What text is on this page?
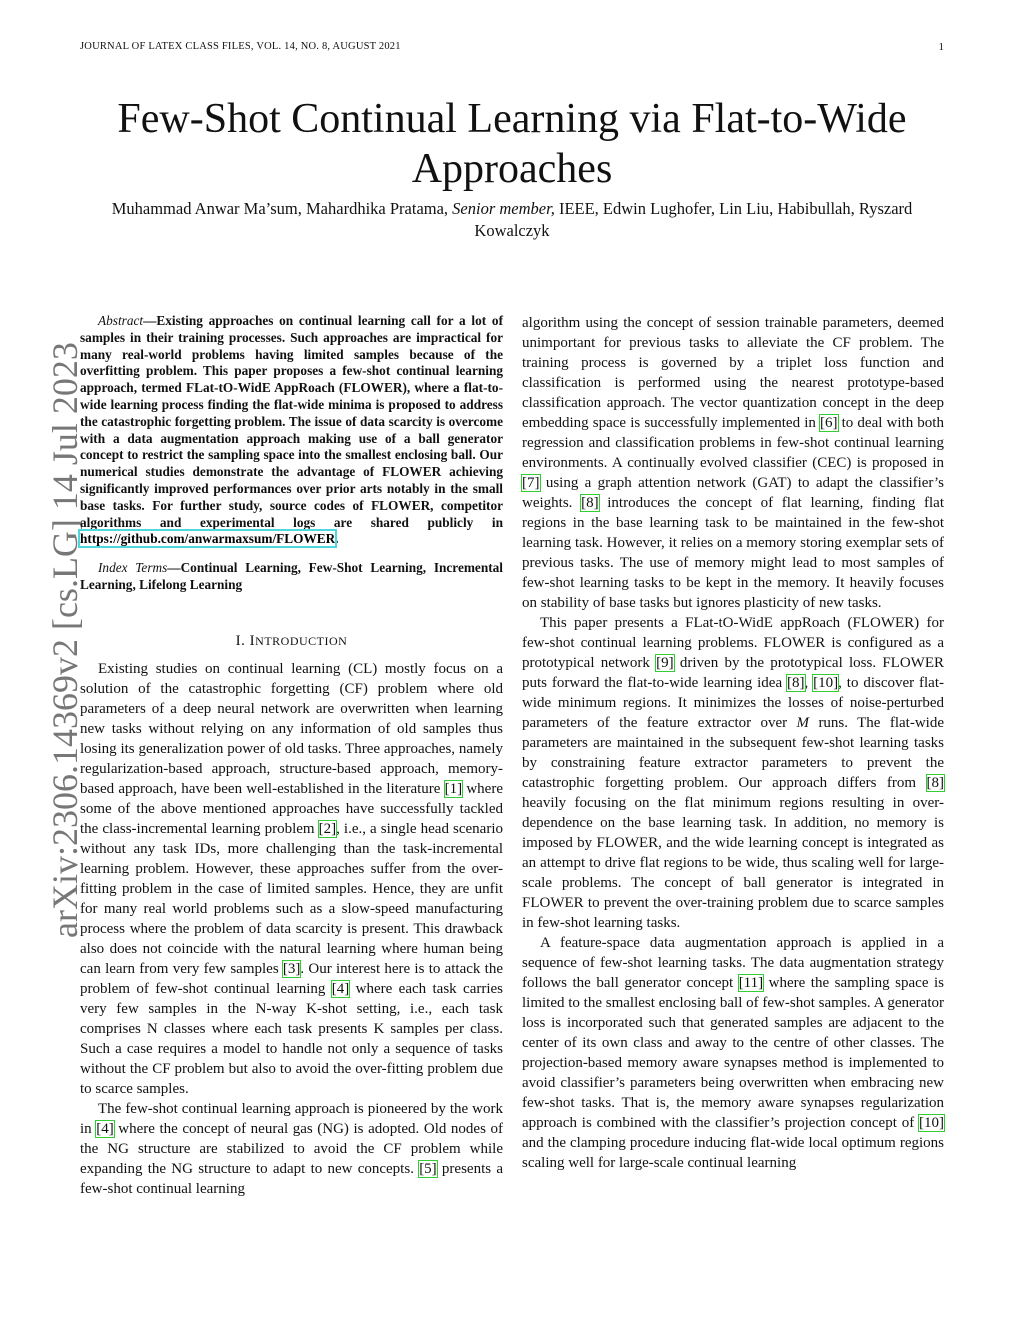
JOURNAL OF LATEX CLASS FILES, VOL. 14, NO. 8, AUGUST 2021	1
arXiv:2306.14369v2 [cs.LG] 14 Jul 2023
Few-Shot Continual Learning via Flat-to-Wide Approaches
Muhammad Anwar Ma’sum, Mahardhika Pratama, Senior member, IEEE, Edwin Lughofer, Lin Liu, Habibullah, Ryszard Kowalczyk

Abstract—Existing approaches on continual learning call for a lot of samples in their training processes. Such approaches are impractical for many real-world problems having limited samples because of the overfitting problem. This paper proposes a few-shot continual learning approach, termed FLat-tO-WidE AppRoach (FLOWER), where a flat-to-wide learning process finding the flat-wide minima is proposed to address the catastrophic forgetting problem. The issue of data scarcity is overcome with a data augmentation approach making use of a ball generator concept to restrict the sampling space into the smallest enclosing ball. Our numerical studies demonstrate the advantage of FLOWER achieving significantly improved performances over prior arts notably in the small base tasks. For further study, source codes of FLOWER, competitor algorithms and experimental logs are shared publicly in https://github.com/anwarmaxsum/FLOWER.

Index Terms—Continual Learning, Few-Shot Learning, Incremental Learning, Lifelong Learning

I. INTRODUCTION

Existing studies on continual learning (CL) mostly focus on a solution of the catastrophic forgetting (CF) problem where old parameters of a deep neural network are overwritten when learning new tasks without relying on any information of old samples thus losing its generalization power of old tasks. Three approaches, namely regularization-based approach, structure-based approach, memory-based approach, have been well-established in the literature [1] where some of the above mentioned approaches have successfully tackled the class-incremental learning problem [2], i.e., a single head scenario without any task IDs, more challenging than the task-incremental learning problem. However, these approaches suffer from the over-fitting problem in the case of limited samples. Hence, they are unfit for many real world problems such as a slow-speed manufacturing process where the problem of data scarcity is present. This drawback also does not coincide with the natural learning where human being can learn from very few samples [3]. Our interest here is to attack the problem of few-shot continual learning [4] where each task carries very few samples in the N-way K-shot setting, i.e., each task comprises N classes where each task presents K samples per class. Such a case requires a model to handle not only a sequence of tasks without the CF problem but also to avoid the over-fitting problem due to scarce samples.

The few-shot continual learning approach is pioneered by the work in [4] where the concept of neural gas (NG) is adopted. Old nodes of the NG structure are stabilized to avoid the CF problem while expanding the NG structure to adapt to new concepts. [5] presents a few-shot continual learning

algorithm using the concept of session trainable parameters, deemed unimportant for previous tasks to alleviate the CF problem. The training process is governed by a triplet loss function and classification is performed using the nearest prototype-based classification approach. The vector quantization concept in the deep embedding space is successfully implemented in [6] to deal with both regression and classification problems in few-shot continual learning environments. A continually evolved classifier (CEC) is proposed in [7] using a graph attention network (GAT) to adapt the classifier’s weights. [8] introduces the concept of flat learning, finding flat regions in the base learning task to be maintained in the few-shot learning task. However, it relies on a memory storing exemplar sets of previous tasks. The use of memory might lead to most samples of few-shot learning tasks to be kept in the memory. It heavily focuses on stability of base tasks but ignores plasticity of new tasks.

This paper presents a FLat-tO-WidE appRoach (FLOWER) for few-shot continual learning problems. FLOWER is configured as a prototypical network [9] driven by the prototypical loss. FLOWER puts forward the flat-to-wide learning idea [8], [10], to discover flat-wide minimum regions. It minimizes the losses of noise-perturbed parameters of the feature extractor over M runs. The flat-wide parameters are maintained in the subsequent few-shot learning tasks by constraining feature extractor parameters to prevent the catastrophic forgetting problem. Our approach differs from [8] heavily focusing on the flat minimum regions resulting in over-dependence on the base learning task. In addition, no memory is imposed by FLOWER, and the wide learning concept is integrated as an attempt to drive flat regions to be wide, thus scaling well for large-scale problems. The concept of ball generator is integrated in FLOWER to prevent the over-training problem due to scarce samples in few-shot learning tasks.

A feature-space data augmentation approach is applied in a sequence of few-shot learning tasks. The data augmentation strategy follows the ball generator concept [11] where the sampling space is limited to the smallest enclosing ball of few-shot samples. A generator loss is incorporated such that generated samples are adjacent to the center of its own class and away to the centre of other classes. The projection-based memory aware synapses method is implemented to avoid classifier’s parameters being overwritten when embracing new few-shot tasks. That is, the memory aware synapses regularization approach is combined with the classifier’s projection concept of [10] and the clamping procedure inducing flat-wide local optimum regions scaling well for large-scale continual learning
